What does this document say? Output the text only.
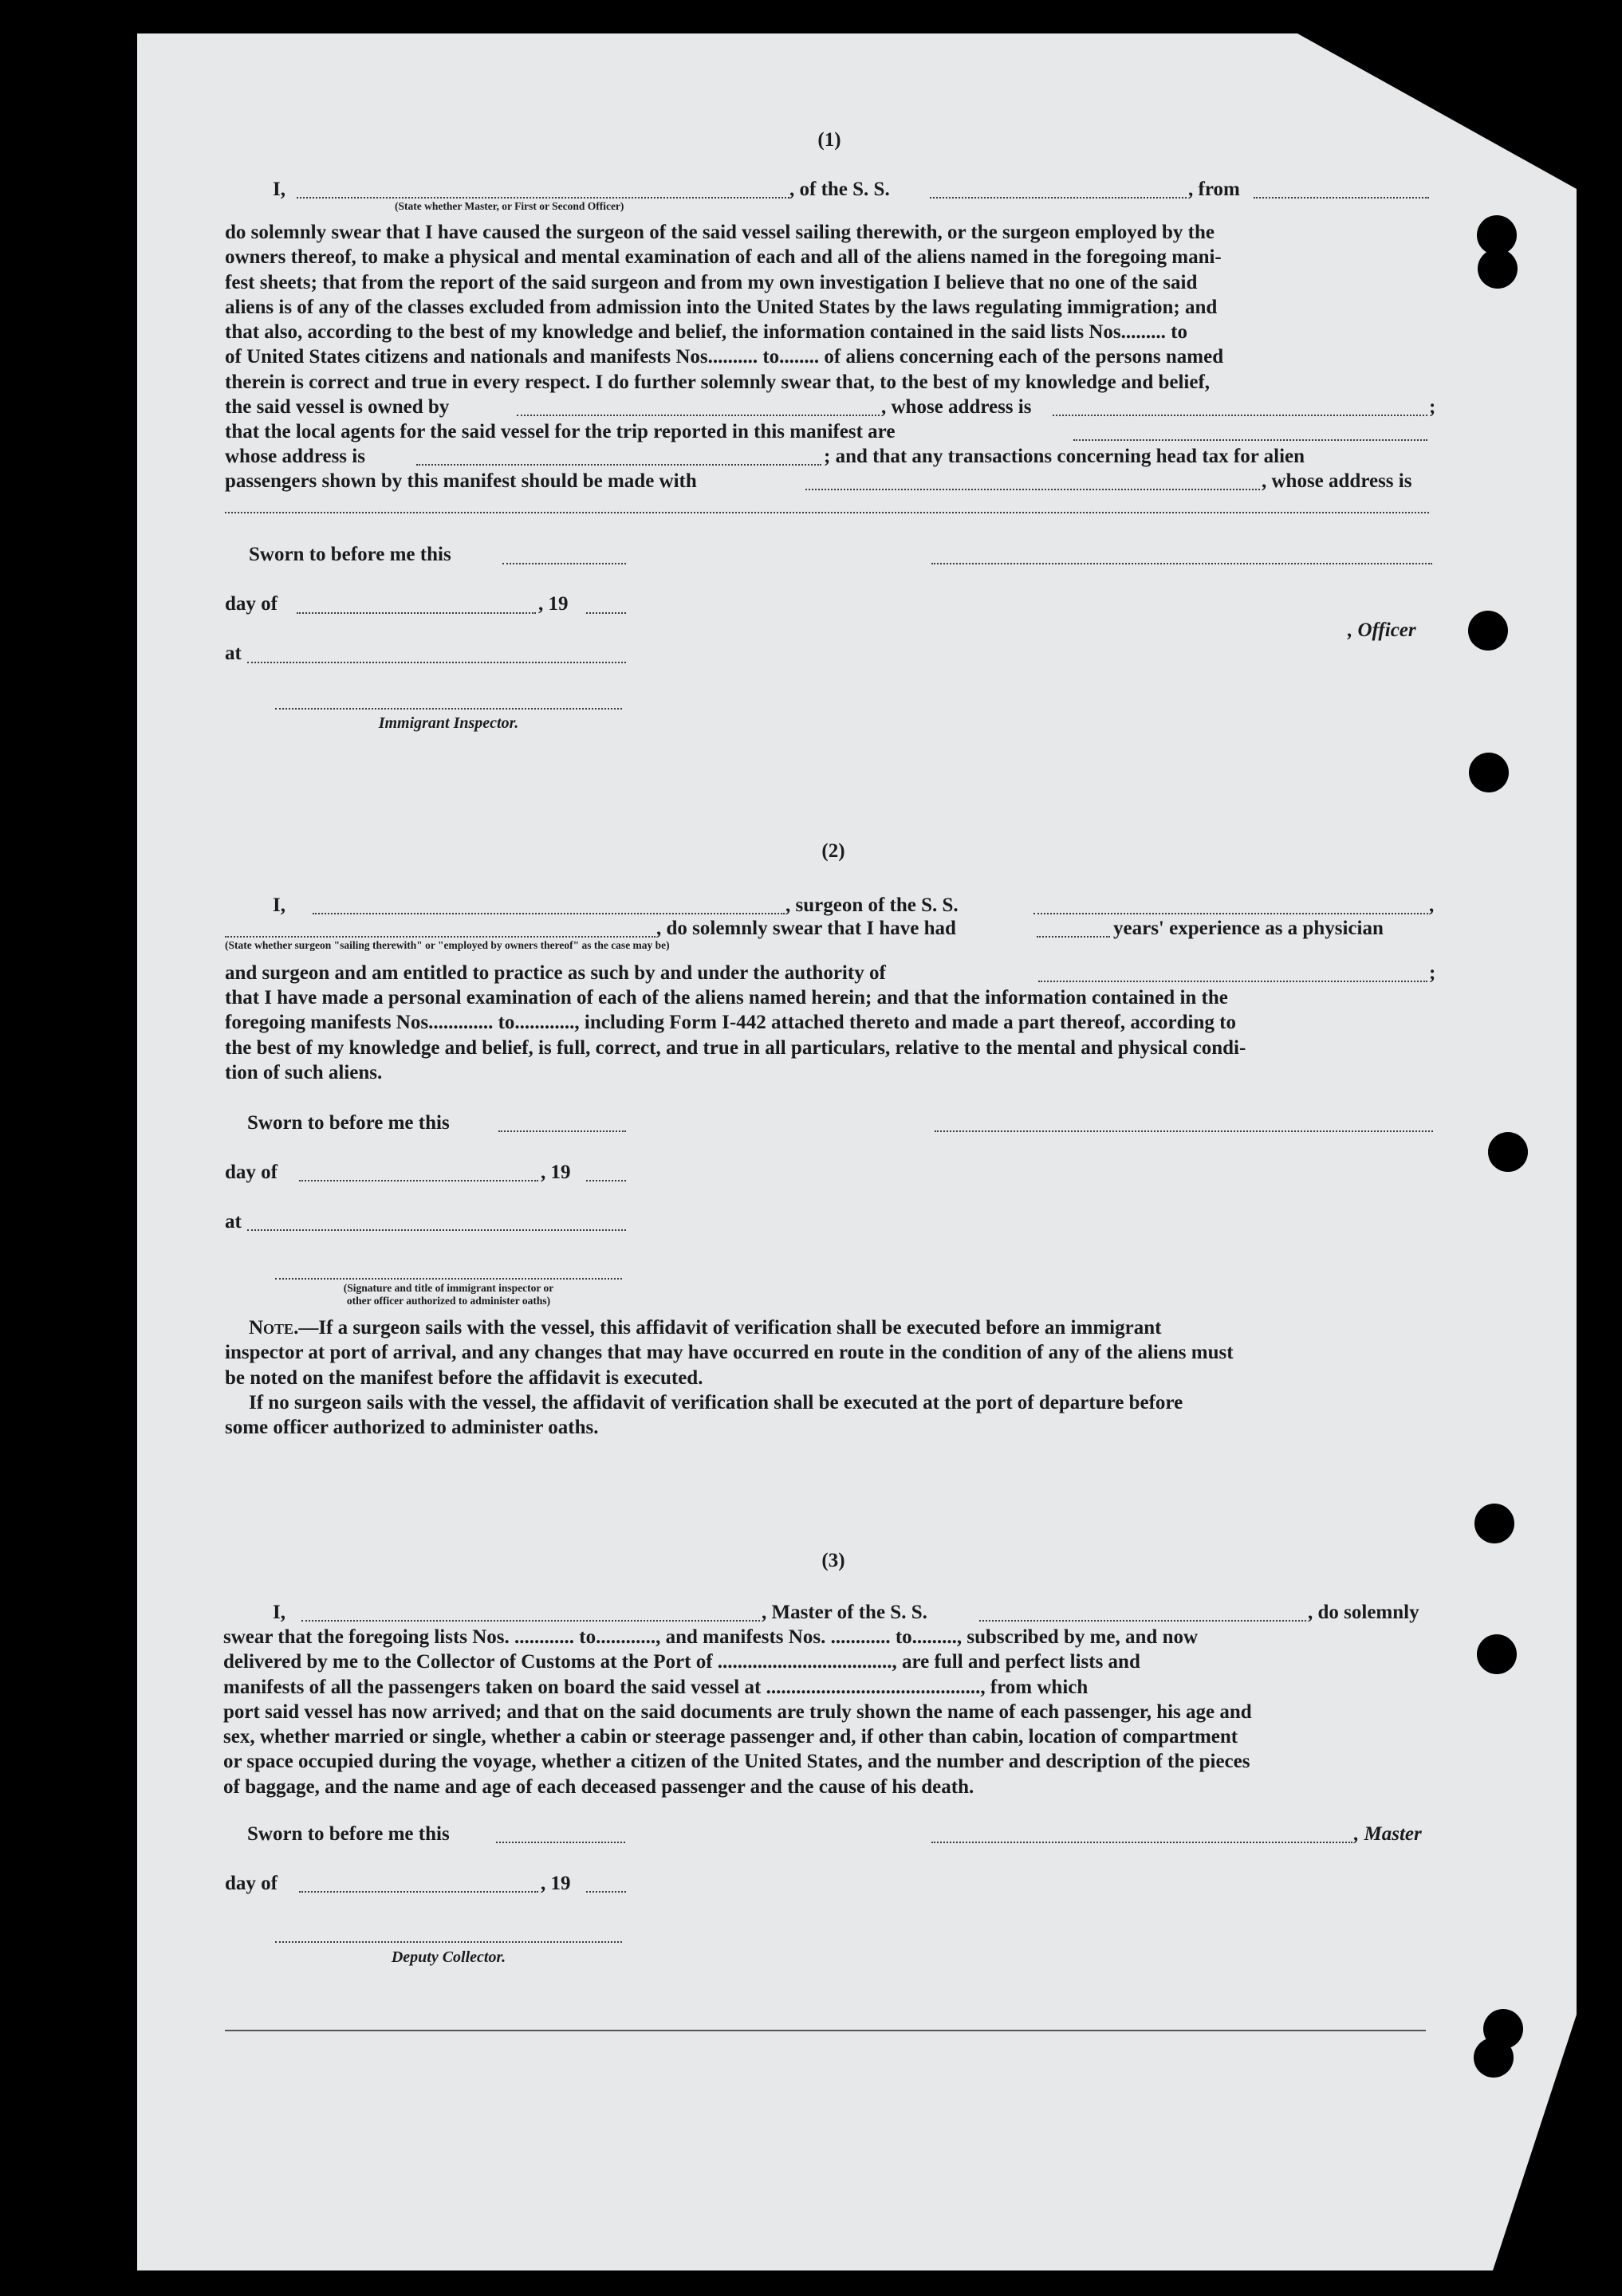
(1)
I,	, of the S. S.	, from
(State whether Master, or First or Second Officer)
do solemnly swear that I have caused the surgeon of the said vessel sailing therewith, or the surgeon employed by the
owners thereof, to make a physical and mental examination of each and all of the aliens named in the foregoing mani-
fest sheets; that from the report of the said surgeon and from my own investigation I believe that no one of the said
aliens is of any of the classes excluded from admission into the United States by the laws regulating immigration; and
that also, according to the best of my knowledge and belief, the information contained in the said lists Nos......... to
of United States citizens and nationals and manifests Nos.......... to........ of aliens concerning each of the persons named
therein is correct and true in every respect. I do further solemnly swear that, to the best of my knowledge and belief,
the said vessel is owned by	, whose address is	;
that the local agents for the said vessel for the trip reported in this manifest are
whose address is	; and that any transactions concerning head tax for alien
passengers shown by this manifest should be made with	, whose address is
Sworn to before me this
day of	, 19
, Officer
at
Immigrant Inspector.
(2)
I,	, surgeon of the S. S.	,
, do solemnly swear that I have had	years' experience as a physician
(State whether surgeon "sailing therewith" or "employed by owners thereof" as the case may be)
and surgeon and am entitled to practice as such by and under the authority of	;
that I have made a personal examination of each of the aliens named herein; and that the information contained in the
foregoing manifests Nos............. to............, including Form I-442 attached thereto and made a part thereof, according to
the best of my knowledge and belief, is full, correct, and true in all particulars, relative to the mental and physical condi-
tion of such aliens.
Sworn to before me this
day of	, 19
at
(Signature and title of immigrant inspector or
other officer authorized to administer oaths)
Note.—If a surgeon sails with the vessel, this affidavit of verification shall be executed before an immigrant
inspector at port of arrival, and any changes that may have occurred en route in the condition of any of the aliens must
be noted on the manifest before the affidavit is executed.
If no surgeon sails with the vessel, the affidavit of verification shall be executed at the port of departure before
some officer authorized to administer oaths.
(3)
I,	, Master of the S. S.	, do solemnly
swear that the foregoing lists Nos. ............ to............, and manifests Nos. ............ to........., subscribed by me, and now
delivered by me to the Collector of Customs at the Port of ..................................., are full and perfect lists and
manifests of all the passengers taken on board the said vessel at ..........................................., from which
port said vessel has now arrived; and that on the said documents are truly shown the name of each passenger, his age and
sex, whether married or single, whether a cabin or steerage passenger and, if other than cabin, location of compartment
or space occupied during the voyage, whether a citizen of the United States, and the number and description of the pieces
of baggage, and the name and age of each deceased passenger and the cause of his death.
Sworn to before me this	, Master
day of	, 19
Deputy Collector.
